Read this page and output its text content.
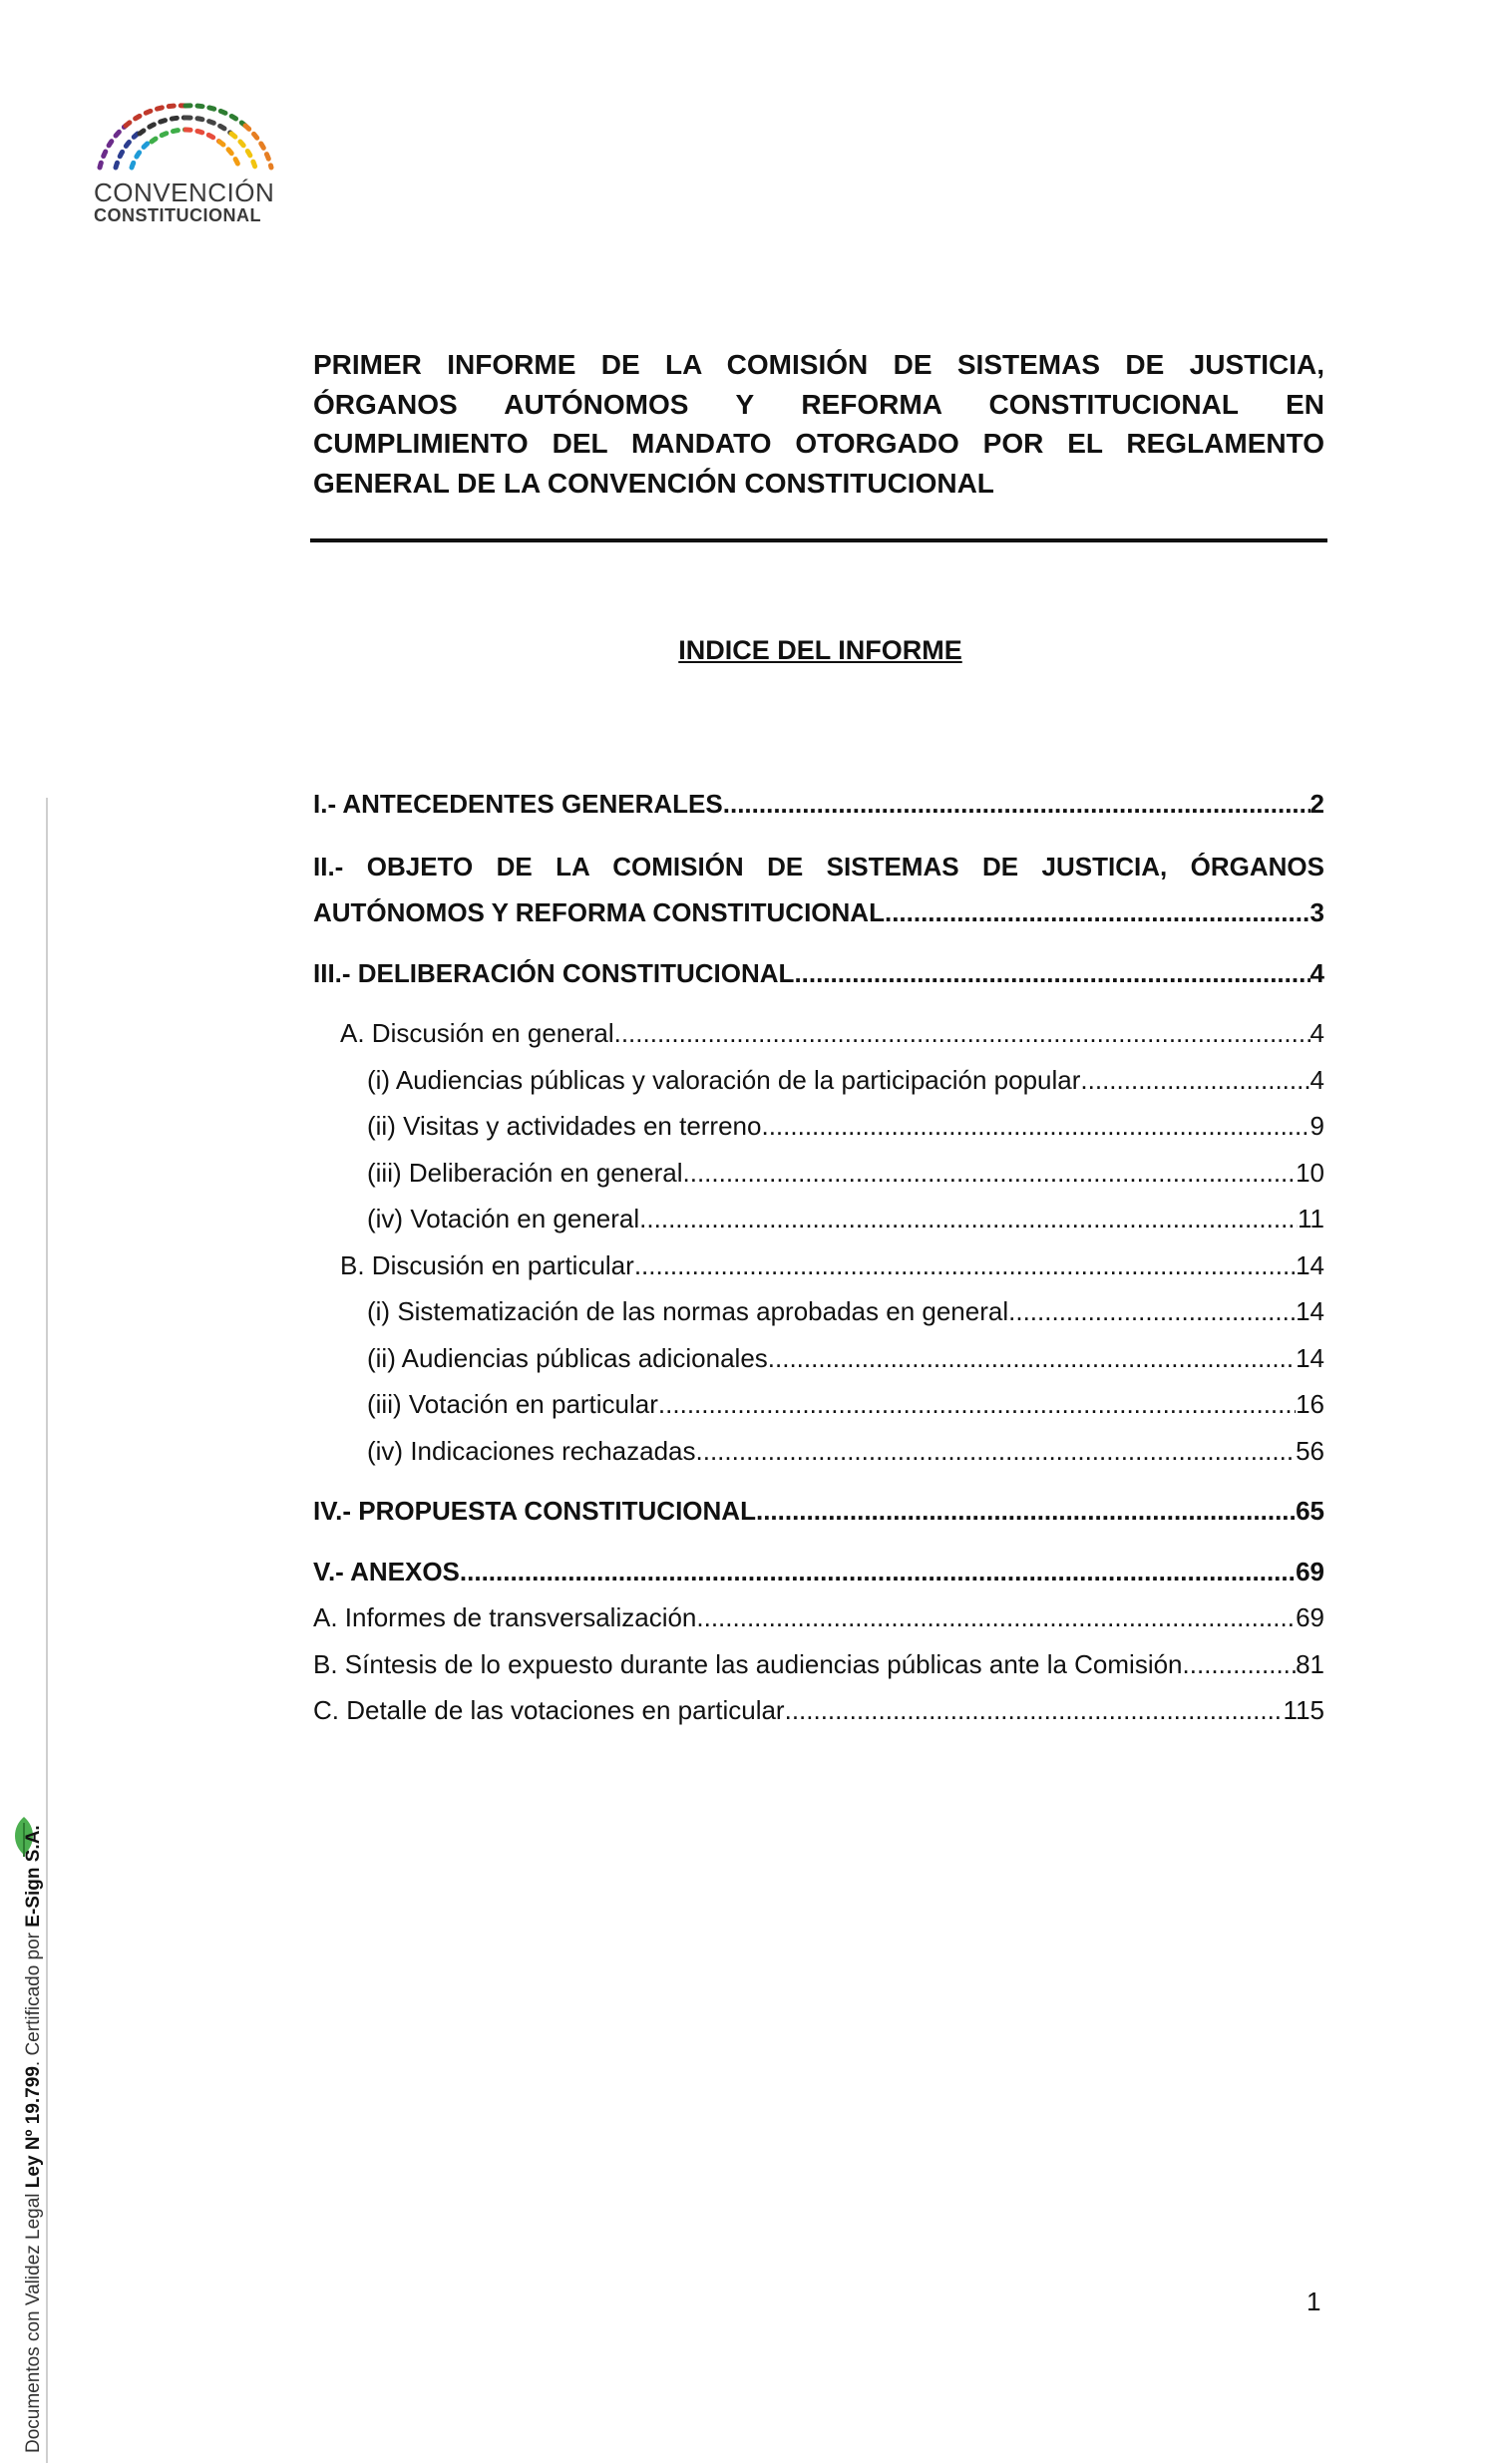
CONVENCIÓN
CONSTITUCIONAL
PRIMER INFORME DE LA COMISIÓN DE SISTEMAS DE JUSTICIA, ÓRGANOS AUTÓNOMOS Y REFORMA CONSTITUCIONAL EN CUMPLIMIENTO DEL MANDATO OTORGADO POR EL REGLAMENTO GENERAL DE LA CONVENCIÓN CONSTITUCIONAL
INDICE DEL INFORME
I.- ANTECEDENTES GENERALES .....	2
II.- OBJETO DE LA COMISIÓN DE SISTEMAS DE JUSTICIA, ÓRGANOS
AUTÓNOMOS Y REFORMA CONSTITUCIONAL .....	3
III.- DELIBERACIÓN CONSTITUCIONAL .....	4
A. Discusión en general .....	4
(i) Audiencias públicas y valoración de la participación popular .....	4
(ii) Visitas y actividades en terreno .....	9
(iii) Deliberación en general .....	10
(iv) Votación en general .....	11
B. Discusión en particular .....	14
(i) Sistematización de las normas aprobadas en general .....	14
(ii) Audiencias públicas adicionales .....	14
(iii) Votación en particular .....	16
(iv) Indicaciones rechazadas .....	56
IV.- PROPUESTA CONSTITUCIONAL .....	65
V.- ANEXOS .....	69
A. Informes de transversalización .....	69
B. Síntesis de lo expuesto durante las audiencias públicas ante la Comisión .....	81
C. Detalle de las votaciones en particular .....	115
1
Documentos con Validez Legal Ley Nº 19.799. Certificado por E-Sign S.A.
